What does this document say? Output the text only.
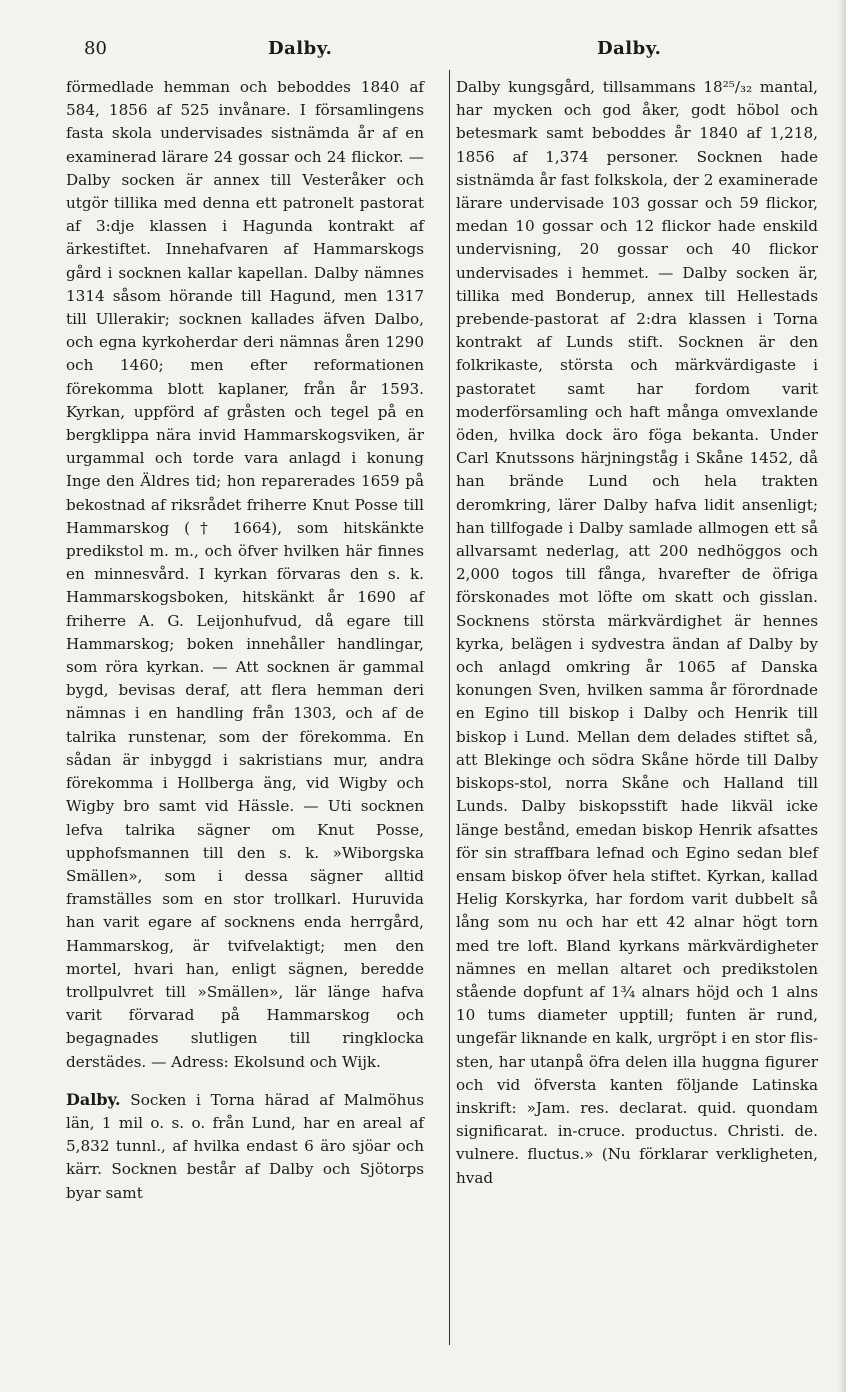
80	Dalby.	Dalby.

förmedlade hemman och beboddes 1840 af 584, 1856 af 525 invånare. I församlingens fasta skola undervisades sistnämda år af en examinerad lärare 24 gossar och 24 flickor. — Dalby socken är annex till Vesteråker och utgör tillika med denna ett patronelt pastorat af 3:dje klassen i Hagunda kontrakt af ärkestiftet. Innehafvaren af Hammarskogs gård i socknen kallar kapellan. Dalby nämnes 1314 såsom hörande till Hagund, men 1317 till Ullerakir; socknen kallades äfven Dalbo, och egna kyrkoherdar deri nämnas åren 1290 och 1460; men efter reformationen förekomma blott kaplaner, från år 1593. Kyrkan, uppförd af gråsten och tegel på en bergklippa nära invid Hammarskogsviken, är urgammal och torde vara anlagd i konung Inge den Äldres tid; hon reparerades 1659 på bekostnad af riksrådet friherre Knut Posse till Hammarskog († 1664), som hitskänkte predikstol m. m., och öfver hvilken här finnes en minnesvård. I kyrkan förvaras den s. k. Hammarskogsboken, hitskänkt år 1690 af friherre A. G. Leijonhufvud, då egare till Hammarskog; boken innehåller handlingar, som röra kyrkan. — Att socknen är gammal bygd, bevisas deraf, att flera hemman deri nämnas i en handling från 1303, och af de talrika runstenar, som der förekomma. En sådan är inbyggd i sakristians mur, andra förekomma i Hollberga äng, vid Wigby och Wigby bro samt vid Hässle. — Uti socknen lefva talrika sägner om Knut Posse, upphofsmannen till den s. k. »Wiborgska Smällen», som i dessa sägner alltid framställes som en stor trollkarl. Huruvida han varit egare af socknens enda herrgård, Hammarskog, är tvifvelaktigt; men den mortel, hvari han, enligt sägnen, beredde trollpulvret till »Smällen», lär länge hafva varit förvarad på Hammarskog och begagnades slutligen till ringklocka derstädes. — Adress: Ekolsund och Wijk.

Dalby. Socken i Torna härad af Malmöhus län, 1 mil o. s. o. från Lund, har en areal af 5,832 tunnl., af hvilka endast 6 äro sjöar och kärr. Socknen består af Dalby och Sjötorps byar samt

Dalby kungsgård, tillsammans 18²⁵/₃₂ mantal, har mycken och god åker, godt höbol och betesmark samt beboddes år 1840 af 1,218, 1856 af 1,374 personer. Socknen hade sistnämda år fast folkskola, der 2 examinerade lärare undervisade 103 gossar och 59 flickor, medan 10 gossar och 12 flickor hade enskild undervisning, 20 gossar och 40 flickor undervisades i hemmet. — Dalby socken är, tillika med Bonderup, annex till Hellestads prebende-pastorat af 2:dra klassen i Torna kontrakt af Lunds stift. Socknen är den folkrikaste, största och märkvärdigaste i pastoratet samt har fordom varit moderförsamling och haft många omvexlande öden, hvilka dock äro föga bekanta. Under Carl Knutssons härjningståg i Skåne 1452, då han brände Lund och hela trakten deromkring, lärer Dalby hafva lidit ansenligt; han tillfogade i Dalby samlade allmogen ett så allvarsamt nederlag, att 200 nedhöggos och 2,000 togos till fånga, hvarefter de öfriga förskonades mot löfte om skatt och gisslan. Socknens största märkvärdighet är hennes kyrka, belägen i sydvestra ändan af Dalby by och anlagd omkring år 1065 af Danska konungen Sven, hvilken samma år förordnade en Egino till biskop i Dalby och Henrik till biskop i Lund. Mellan dem delades stiftet så, att Blekinge och södra Skåne hörde till Dalby biskops-stol, norra Skåne och Halland till Lunds. Dalby biskopsstift hade likväl icke länge bestånd, emedan biskop Henrik afsattes för sin straffbara lefnad och Egino sedan blef ensam biskop öfver hela stiftet. Kyrkan, kallad Helig Korskyrka, har fordom varit dubbelt så lång som nu och har ett 42 alnar högt torn med tre loft. Bland kyrkans märkvärdigheter nämnes en mellan altaret och predikstolen stående dopfunt af 1¾ alnars höjd och 1 alns 10 tums diameter upptill; funten är rund, ungefär liknande en kalk, urgröpt i en stor flis-sten, har utanpå öfra delen illa huggna figurer och vid öfversta kanten följande Latinska inskrift: »Jam. res. declarat. quid. quondam significarat. in-cruce. productus. Christi. de. vulnere. fluctus.» (Nu förklarar verkligheten, hvad
